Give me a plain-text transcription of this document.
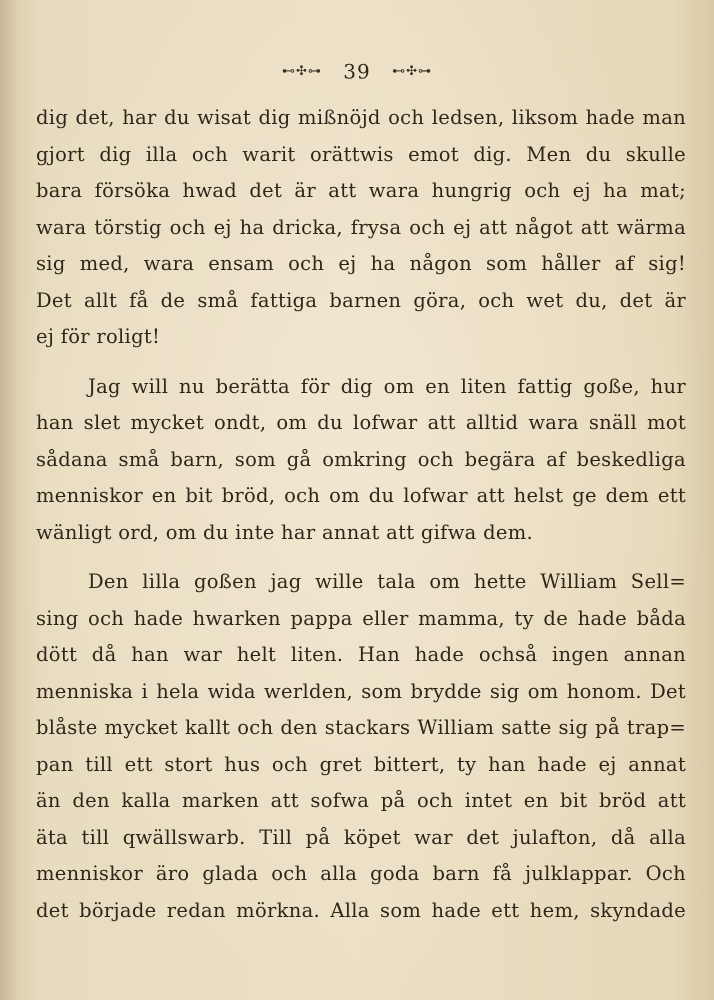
⊷✣⊶ 39 ⊷✣⊶
dig det, har du wisat dig mißnöjd och ledsen, liksom hade man
gjort dig illa och warit orättwis emot dig. Men du skulle
bara försöka hwad det är att wara hungrig och ej ha mat;
wara törstig och ej ha dricka, frysa och ej att något att wärma
sig med, wara ensam och ej ha någon som håller af sig!
Det allt få de små fattiga barnen göra, och wet du, det är
ej för roligt!
Jag will nu berätta för dig om en liten fattig goße, hur
han slet mycket ondt, om du lofwar att alltid wara snäll mot
sådana små barn, som gå omkring och begära af beskedliga
menniskor en bit bröd, och om du lofwar att helst ge dem ett
wänligt ord, om du inte har annat att gifwa dem.
Den lilla goßen jag wille tala om hette William Sell=
sing och hade hwarken pappa eller mamma, ty de hade båda
dött då han war helt liten. Han hade ochså ingen annan
menniska i hela wida werlden, som brydde sig om honom. Det
blåste mycket kallt och den stackars William satte sig på trap=
pan till ett stort hus och gret bittert, ty han hade ej annat
än den kalla marken att sofwa på och intet en bit bröd att
äta till qwällswarb. Till på köpet war det julafton, då alla
menniskor äro glada och alla goda barn få julklappar. Och
det började redan mörkna. Alla som hade ett hem, skyndade
